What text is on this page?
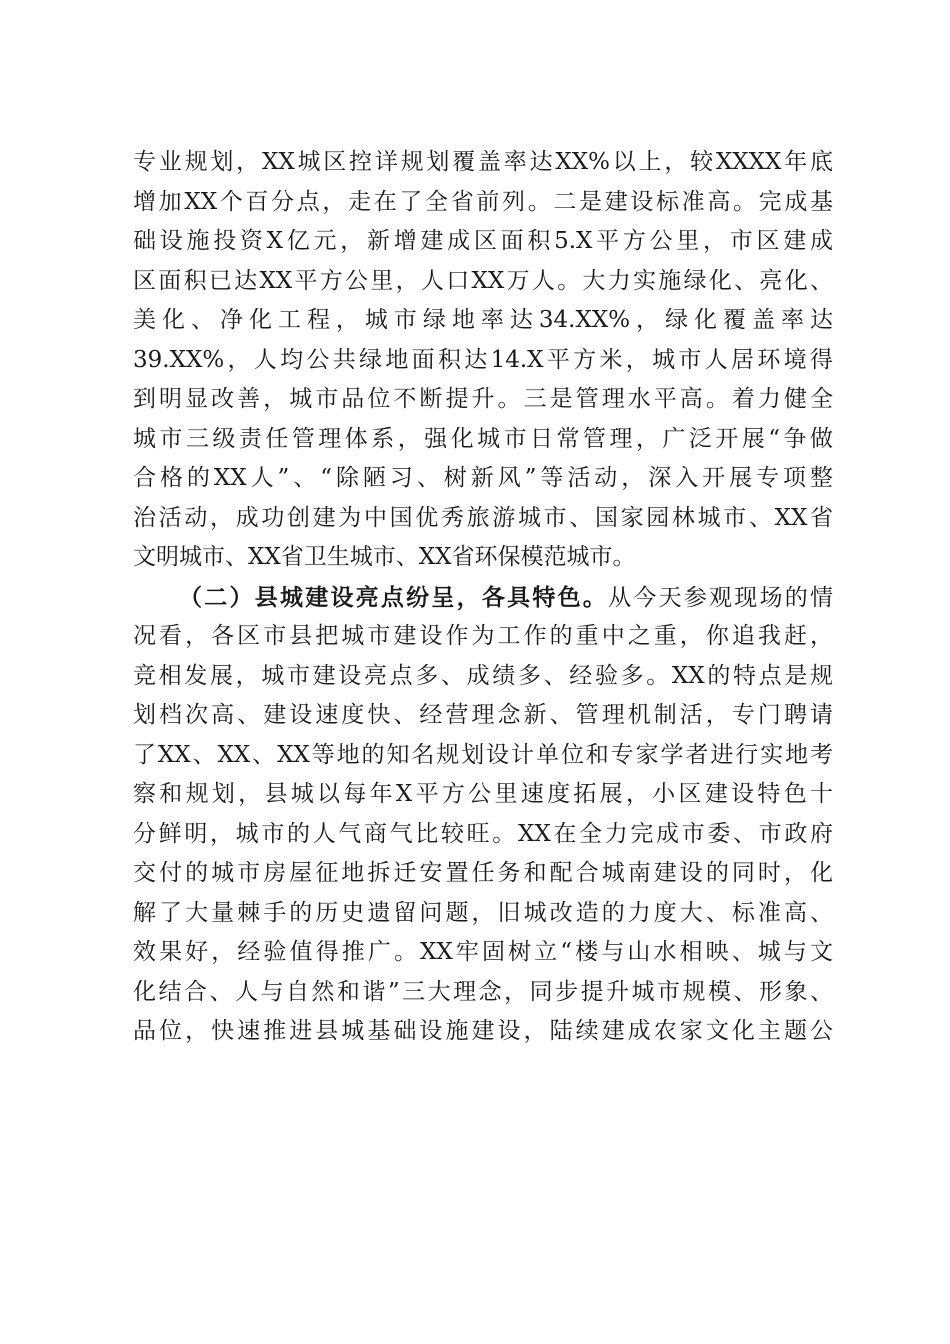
专业规划，XX城区控详规划覆盖率达XX%以上，较XXXX年底
增加XX个百分点，走在了全省前列。二是建设标准高。完成基
础设施投资X亿元，新增建成区面积5.X平方公里，市区建成
区面积已达XX平方公里，人口XX万人。大力实施绿化、亮化、
美化、净化工程，城市绿地率达34.XX%，绿化覆盖率达
39.XX%，人均公共绿地面积达14.X平方米，城市人居环境得
到明显改善，城市品位不断提升。三是管理水平高。着力健全
城市三级责任管理体系，强化城市日常管理，广泛开展“争做
合格的XX人”、“除陋习、树新风”等活动，深入开展专项整
治活动，成功创建为中国优秀旅游城市、国家园林城市、XX省
文明城市、XX省卫生城市、XX省环保模范城市。
（二）县城建设亮点纷呈，各具特色。从今天参观现场的情
况看，各区市县把城市建设作为工作的重中之重，你追我赶，
竞相发展，城市建设亮点多、成绩多、经验多。XX的特点是规
划档次高、建设速度快、经营理念新、管理机制活，专门聘请
了XX、XX、XX等地的知名规划设计单位和专家学者进行实地考
察和规划，县城以每年X平方公里速度拓展，小区建设特色十
分鲜明，城市的人气商气比较旺。XX在全力完成市委、市政府
交付的城市房屋征地拆迁安置任务和配合城南建设的同时，化
解了大量棘手的历史遗留问题，旧城改造的力度大、标准高、
效果好，经验值得推广。XX牢固树立“楼与山水相映、城与文
化结合、人与自然和谐”三大理念，同步提升城市规模、形象、
品位，快速推进县城基础设施建设，陆续建成农家文化主题公
